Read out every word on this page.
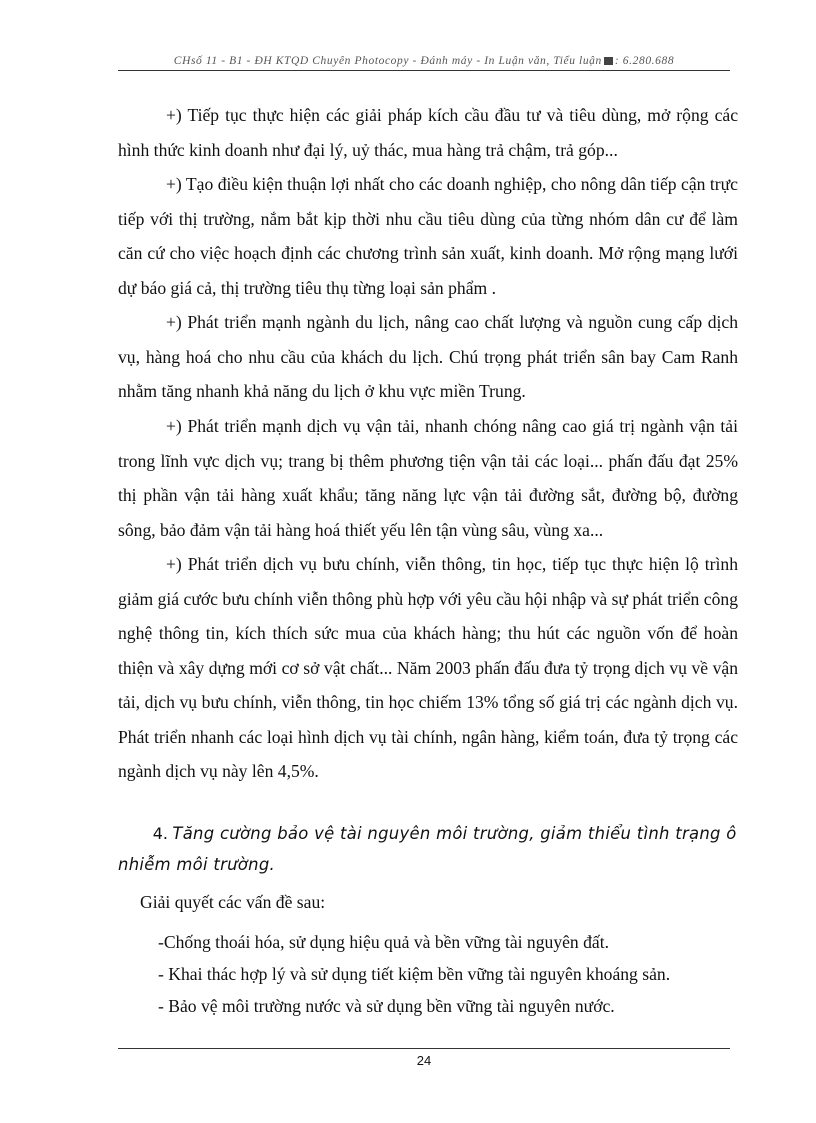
CHsố 11 - B1 - ĐH KTQD Chuyên Photocopy - Đánh máy - In Luận văn, Tiểu luận : 6.280.688

+) Tiếp tục thực hiện các giải pháp kích cầu đầu tư và tiêu dùng, mở rộng các hình thức kinh doanh như đại lý, uỷ thác, mua hàng trả chậm, trả góp...

+) Tạo điều kiện thuận lợi nhất cho các doanh nghiệp, cho nông dân tiếp cận trực tiếp với thị trường, nắm bắt kịp thời nhu cầu tiêu dùng của từng nhóm dân cư để làm căn cứ cho việc hoạch định các chương trình sản xuất, kinh doanh. Mở rộng mạng lưới dự báo giá cả, thị trường tiêu thụ từng loại sản phẩm .

+) Phát triển mạnh ngành du lịch, nâng cao chất lượng và nguồn cung cấp dịch vụ, hàng hoá cho nhu cầu của khách du lịch. Chú trọng phát triển sân bay Cam Ranh nhằm tăng nhanh khả năng du lịch ở khu vực miền Trung.

+) Phát triển mạnh dịch vụ vận tải, nhanh chóng nâng cao giá trị ngành vận tải trong lĩnh vực dịch vụ; trang bị thêm phương tiện vận tải các loại... phấn đấu đạt 25% thị phần vận tải hàng xuất khẩu; tăng năng lực vận tải đường sắt, đường bộ, đường sông, bảo đảm vận tải hàng hoá thiết yếu lên tận vùng sâu, vùng xa...

+) Phát triển dịch vụ bưu chính, viễn thông, tin học, tiếp tục thực hiện lộ trình giảm giá cước bưu chính viễn thông phù hợp với yêu cầu hội nhập và sự phát triển công nghệ thông tin, kích thích sức mua của khách hàng; thu hút các nguồn vốn để hoàn thiện và xây dựng mới cơ sở vật chất... Năm 2003 phấn đấu đưa tỷ trọng dịch vụ về vận tải, dịch vụ bưu chính, viễn thông, tin học chiếm 13% tổng số giá trị các ngành dịch vụ. Phát triển nhanh các loại hình dịch vụ tài chính, ngân hàng, kiểm toán, đưa tỷ trọng các ngành dịch vụ này lên 4,5%.

4. Tăng cường bảo vệ tài nguyên môi trường, giảm thiểu tình trạng ô nhiễm môi trường.

Giải quyết các vấn đề sau:

-Chống thoái hóa, sử dụng hiệu quả và bền vững tài nguyên đất.

- Khai thác hợp lý và sử dụng tiết kiệm bền vững tài nguyên khoáng sản.

- Bảo vệ môi trường nước và sử dụng bền vững tài nguyên nước.

24
